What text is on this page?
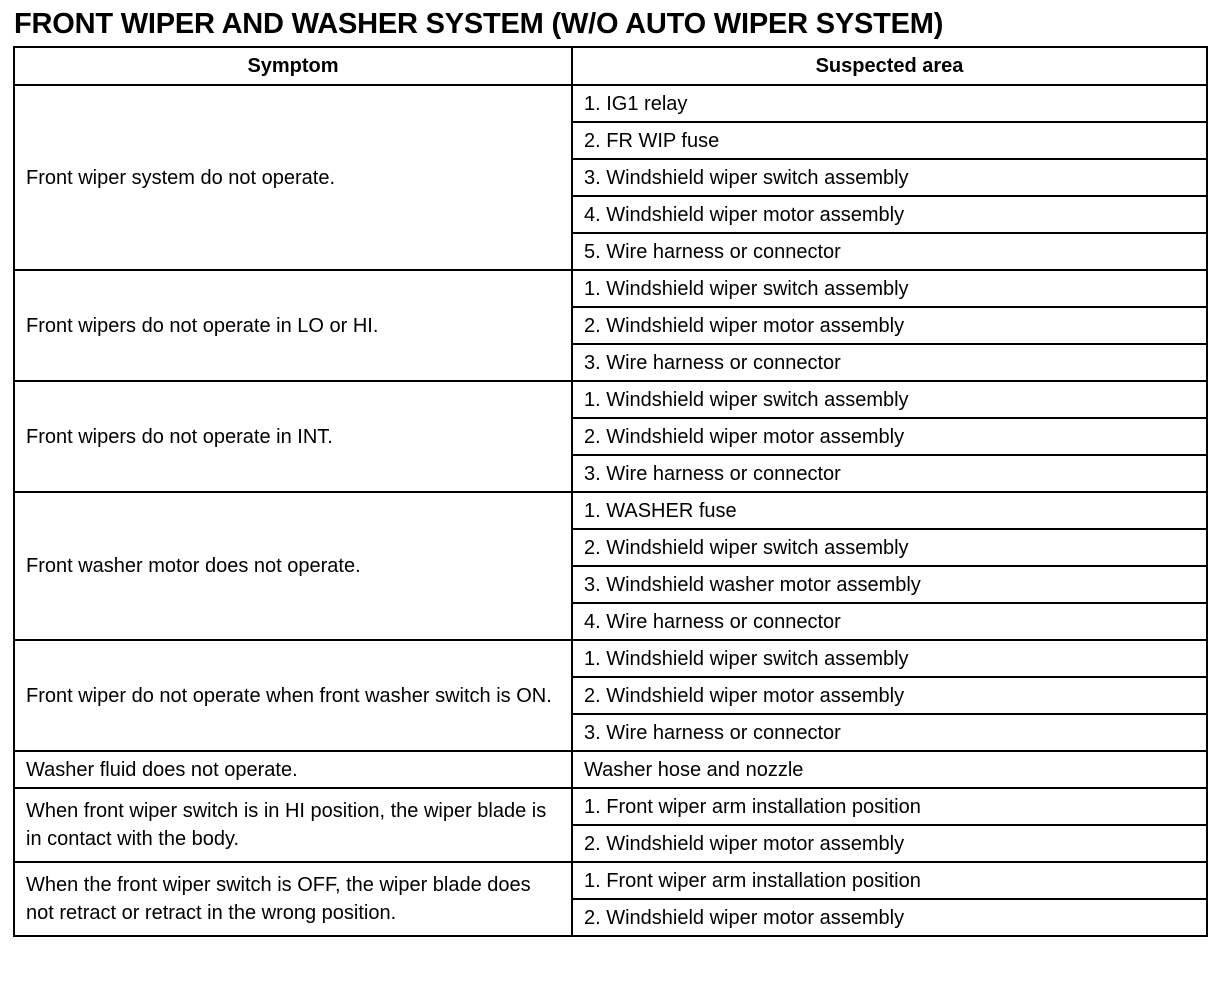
FRONT WIPER AND WASHER SYSTEM (W/O AUTO WIPER SYSTEM)
Symptom	Suspected area
Front wiper system do not operate.	1. IG1 relay
	2. FR WIP fuse
	3. Windshield wiper switch assembly
	4. Windshield wiper motor assembly
	5. Wire harness or connector
Front wipers do not operate in LO or HI.	1. Windshield wiper switch assembly
	2. Windshield wiper motor assembly
	3. Wire harness or connector
Front wipers do not operate in INT.	1. Windshield wiper switch assembly
	2. Windshield wiper motor assembly
	3. Wire harness or connector
Front washer motor does not operate.	1. WASHER fuse
	2. Windshield wiper switch assembly
	3. Windshield washer motor assembly
	4. Wire harness or connector
Front wiper do not operate when front washer switch is ON.	1. Windshield wiper switch assembly
	2. Windshield wiper motor assembly
	3. Wire harness or connector
Washer fluid does not operate.	Washer hose and nozzle
When front wiper switch is in HI position, the wiper blade is in contact with the body.	1. Front wiper arm installation position
	2. Windshield wiper motor assembly
When the front wiper switch is OFF, the wiper blade does not retract or retract in the wrong position.	1. Front wiper arm installation position
	2. Windshield wiper motor assembly
